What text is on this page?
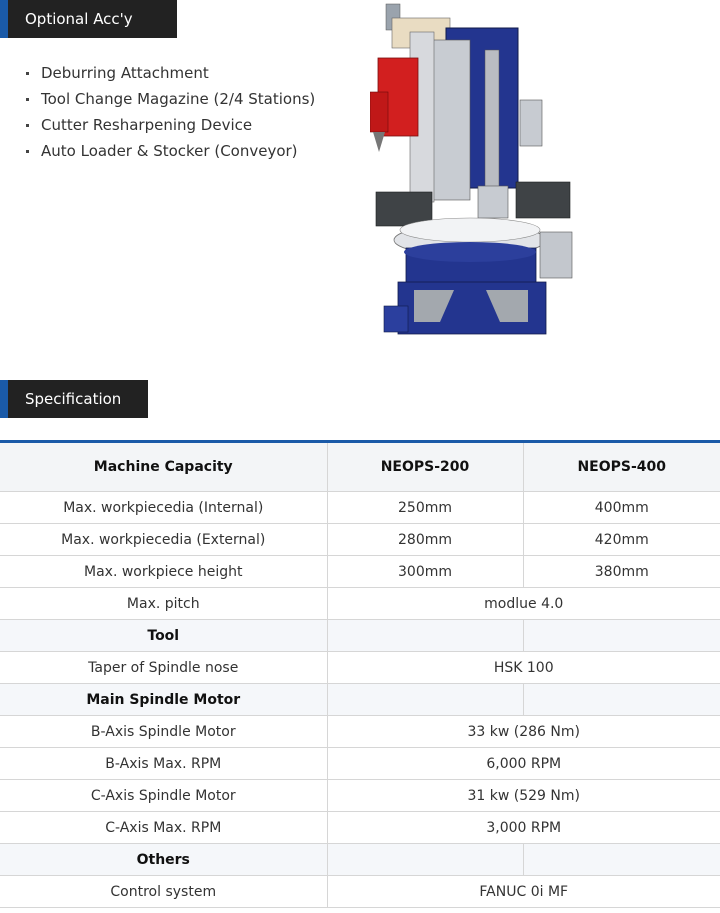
Optional Acc'y
Deburring Attachment
Tool Change Magazine (2/4 Stations)
Cutter Resharpening Device
Auto Loader & Stocker (Conveyor)
Specification
Machine Capacity	NEOPS-200	NEOPS-400
Max. workpiecedia (Internal)	250mm	400mm
Max. workpiecedia (External)	280mm	420mm
Max. workpiece height	300mm	380mm
Max. pitch	modlue 4.0	
Tool		
Taper of Spindle nose	HSK 100	
Main Spindle Motor		
B-Axis Spindle Motor	33 kw (286 Nm)	
B-Axis Max. RPM	6,000 RPM	
C-Axis Spindle Motor	31 kw (529 Nm)	
C-Axis Max. RPM	3,000 RPM	
Others		
Control system	FANUC 0i MF	
